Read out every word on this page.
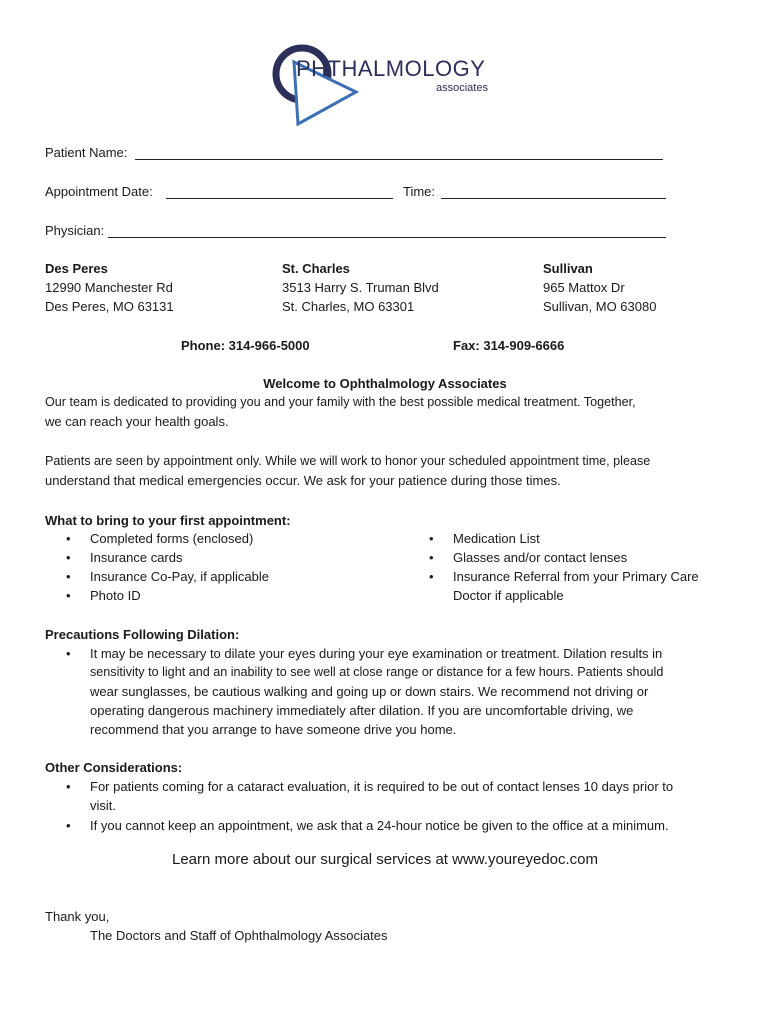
PHTHALMOLOGY
associates
Patient Name:
Appointment Date:	Time:
Physician:
Des Peres
12990 Manchester Rd
Des Peres, MO 63131
St. Charles
3513 Harry S. Truman Blvd
St. Charles, MO 63301
Sullivan
965 Mattox Dr
Sullivan, MO 63080
Phone: 314-966-5000	Fax: 314-909-6666
Welcome to Ophthalmology Associates
Our team is dedicated to providing you and your family with the best possible medical treatment. Together,
we can reach your health goals.
Patients are seen by appointment only. While we will work to honor your scheduled appointment time, please
understand that medical emergencies occur. We ask for your patience during those times.
What to bring to your first appointment:
• Completed forms (enclosed)
• Insurance cards
• Insurance Co-Pay, if applicable
• Photo ID
• Medication List
• Glasses and/or contact lenses
• Insurance Referral from your Primary Care
Doctor if applicable
Precautions Following Dilation:
• It may be necessary to dilate your eyes during your eye examination or treatment. Dilation results in
sensitivity to light and an inability to see well at close range or distance for a few hours. Patients should
wear sunglasses, be cautious walking and going up or down stairs. We recommend not driving or
operating dangerous machinery immediately after dilation. If you are uncomfortable driving, we
recommend that you arrange to have someone drive you home.
Other Considerations:
• For patients coming for a cataract evaluation, it is required to be out of contact lenses 10 days prior to
visit.
• If you cannot keep an appointment, we ask that a 24-hour notice be given to the office at a minimum.
Learn more about our surgical services at www.youreyedoc.com
Thank you,
The Doctors and Staff of Ophthalmology Associates
